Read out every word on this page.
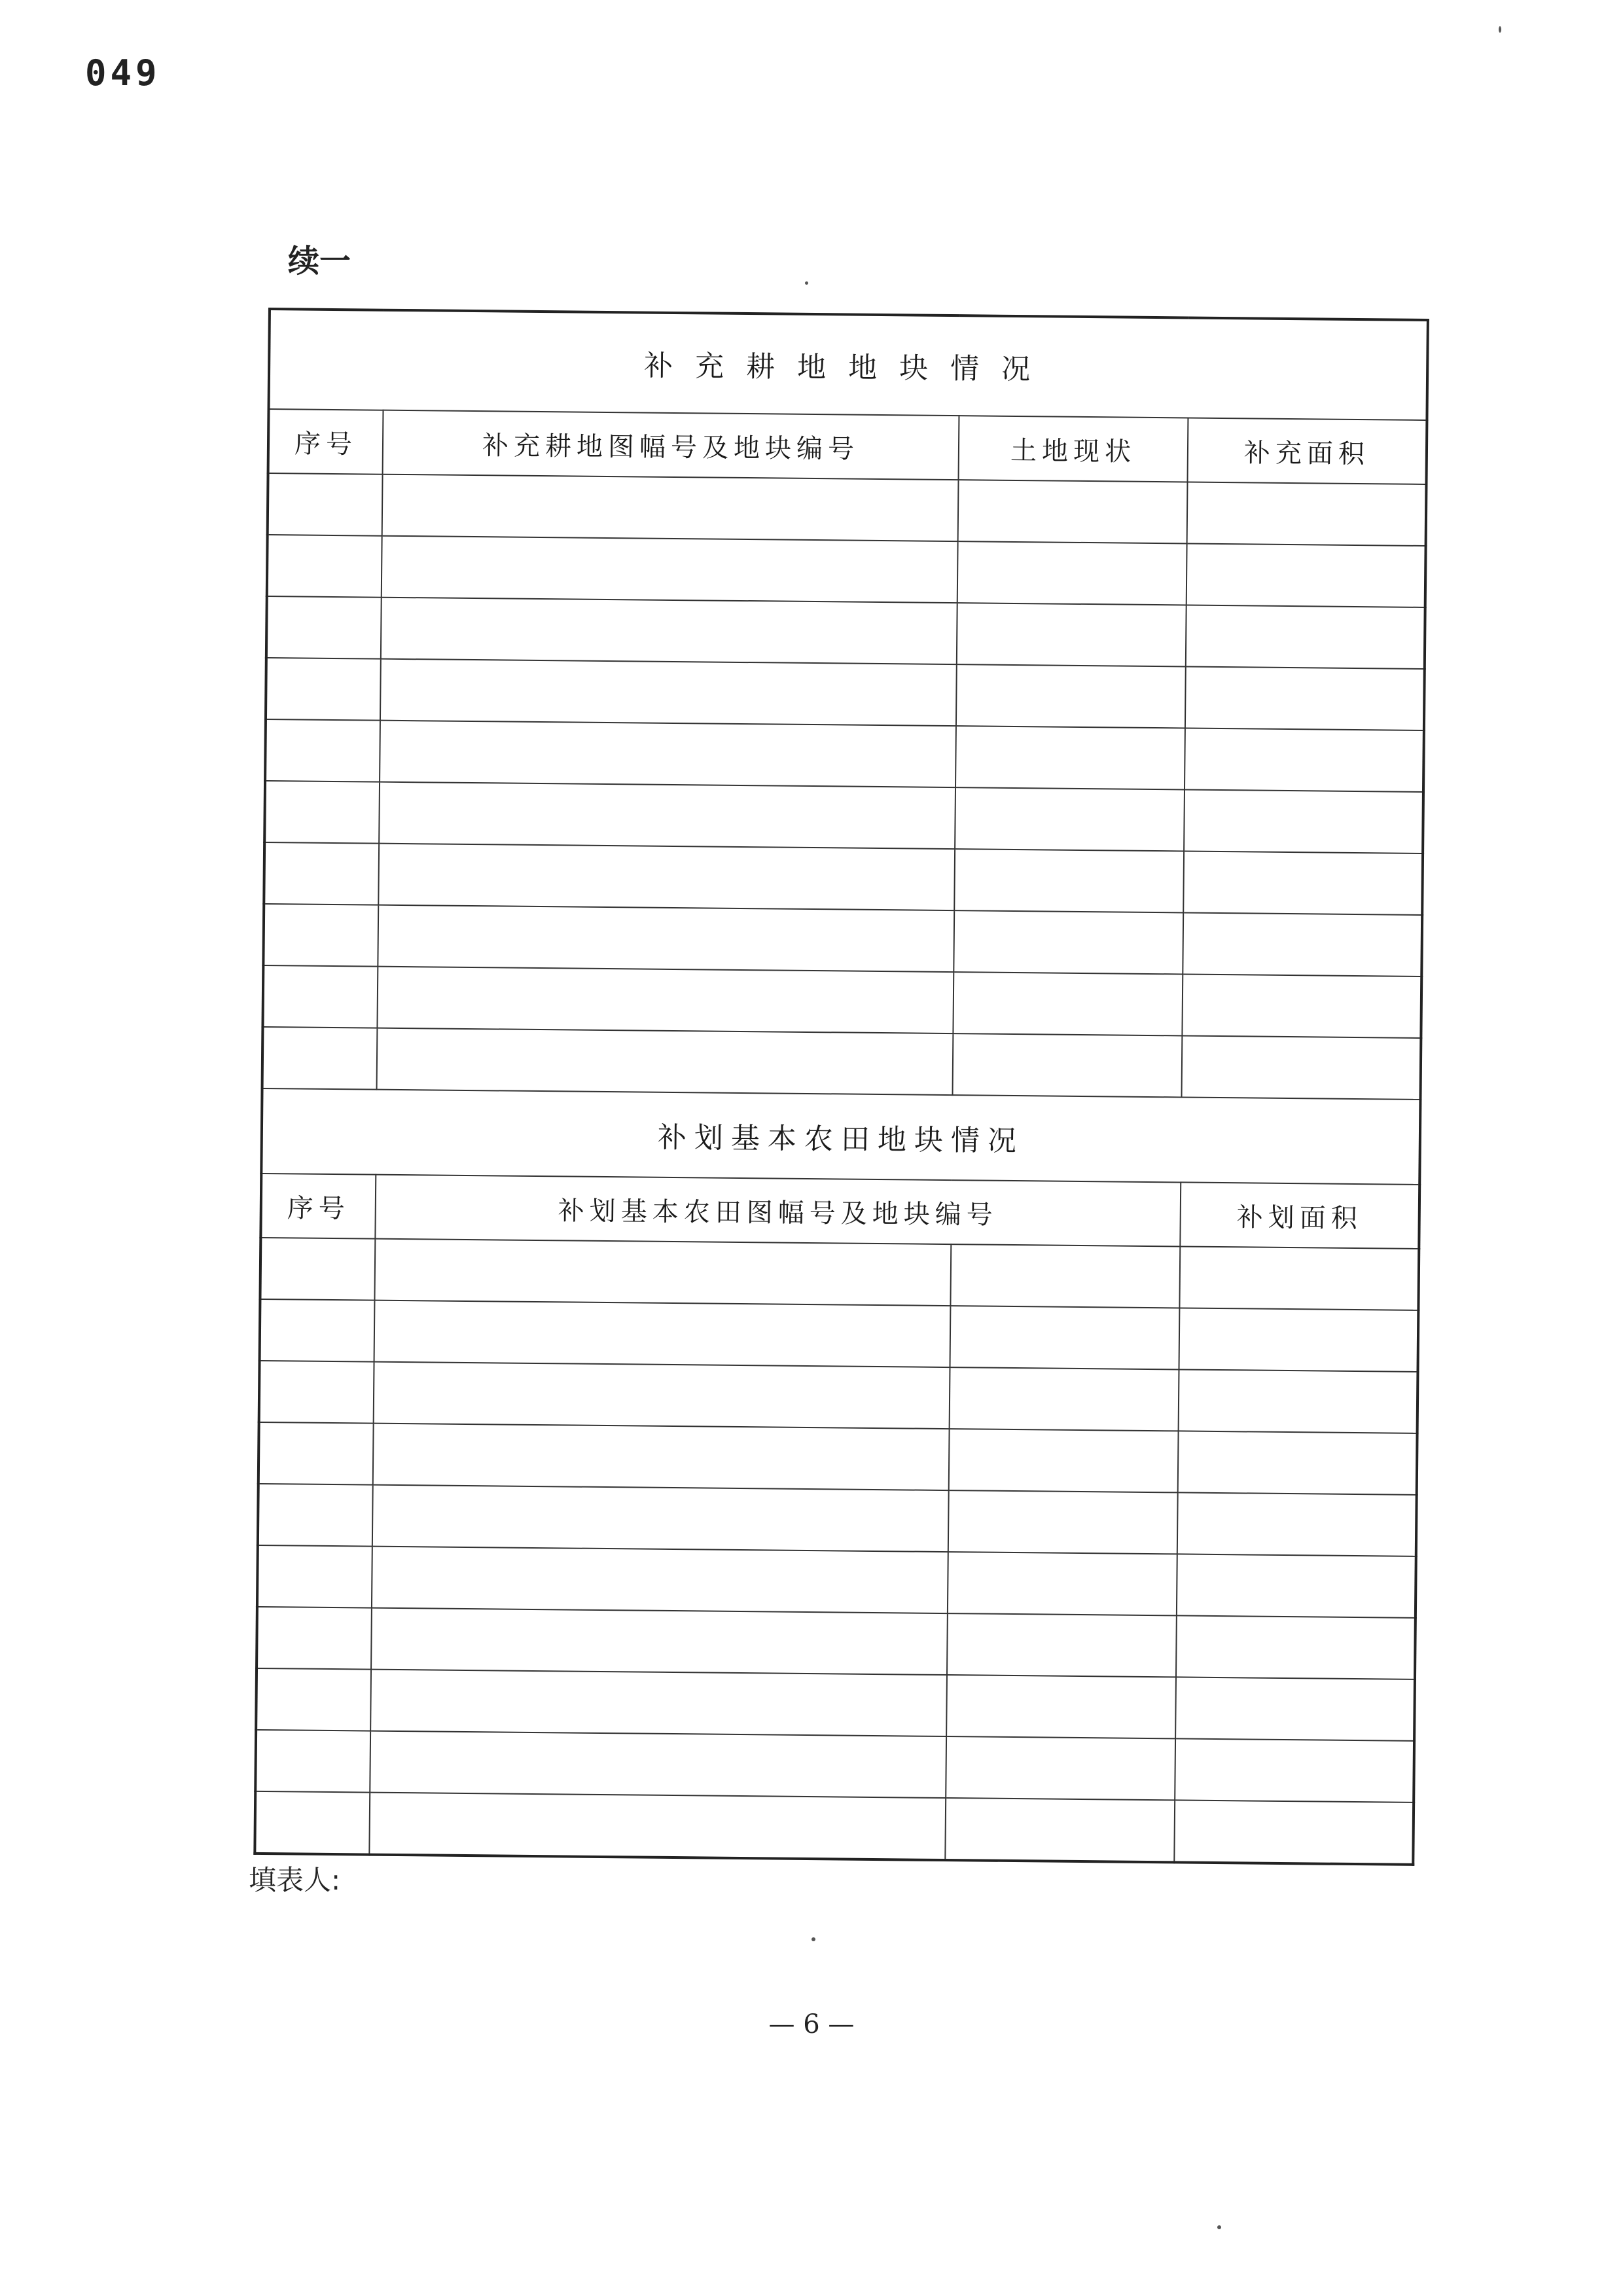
049
续一
补充耕地地块情况			
序号	补充耕地图幅号及地块编号	土地现状	补充面积

补划基本农田地块情况			
序号	补划基本农田图幅号及地块编号		补划面积

填表人:
— 6 —
